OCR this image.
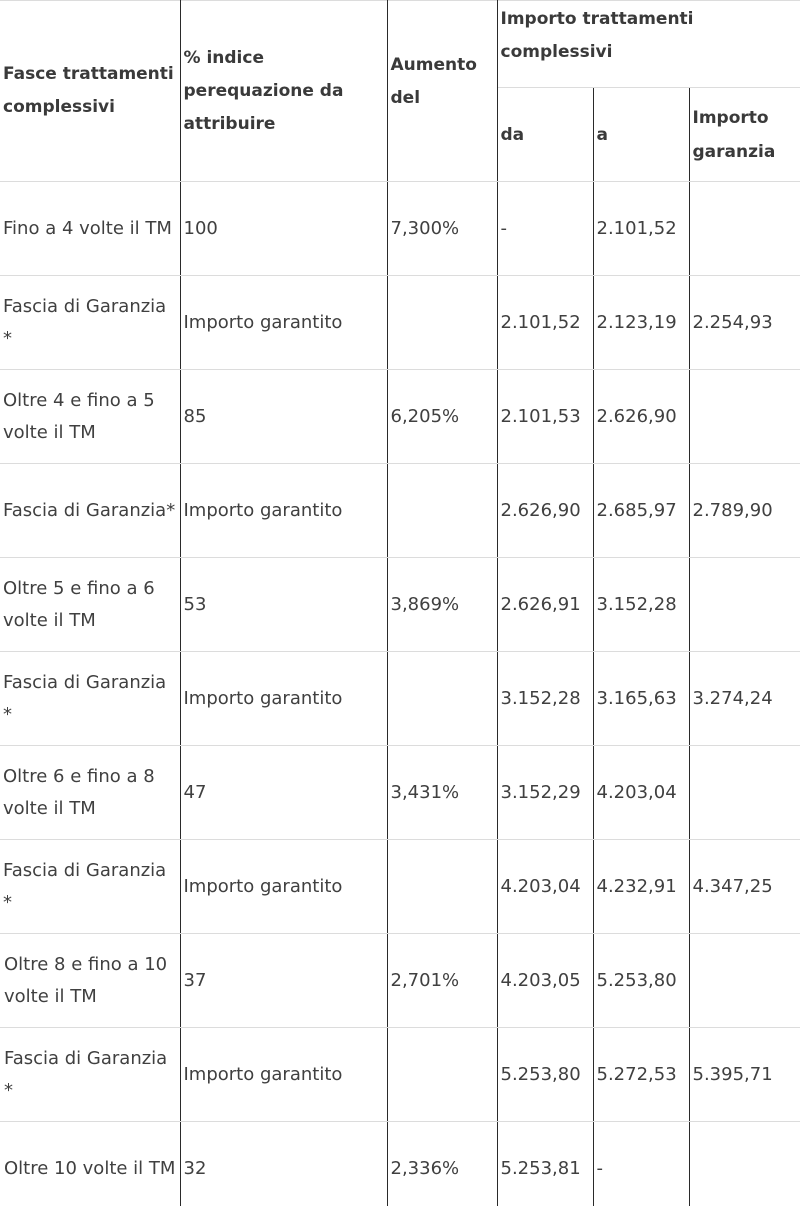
Fasce trattamenti complessivi	% indice perequazione da attribuire	Aumento del	Importo trattamenti complessivi		
			da	a	Importo garanzia
Fino a 4 volte il TM	100	7,300%	-	2.101,52	
Fascia di Garanzia *	Importo garantito		2.101,52	2.123,19	2.254,93
Oltre 4 e fino a 5 volte il TM	85	6,205%	2.101,53	2.626,90	
Fascia di Garanzia*	Importo garantito		2.626,90	2.685,97	2.789,90
Oltre 5 e fino a 6 volte il TM	53	3,869%	2.626,91	3.152,28	
Fascia di Garanzia *	Importo garantito		3.152,28	3.165,63	3.274,24
Oltre 6 e fino a 8 volte il TM	47	3,431%	3.152,29	4.203,04	
Fascia di Garanzia *	Importo garantito		4.203,04	4.232,91	4.347,25
Oltre 8 e fino a 10 volte il TM	37	2,701%	4.203,05	5.253,80	
Fascia di Garanzia *	Importo garantito		5.253,80	5.272,53	5.395,71
Oltre 10 volte il TM	32	2,336%	5.253,81	-	
